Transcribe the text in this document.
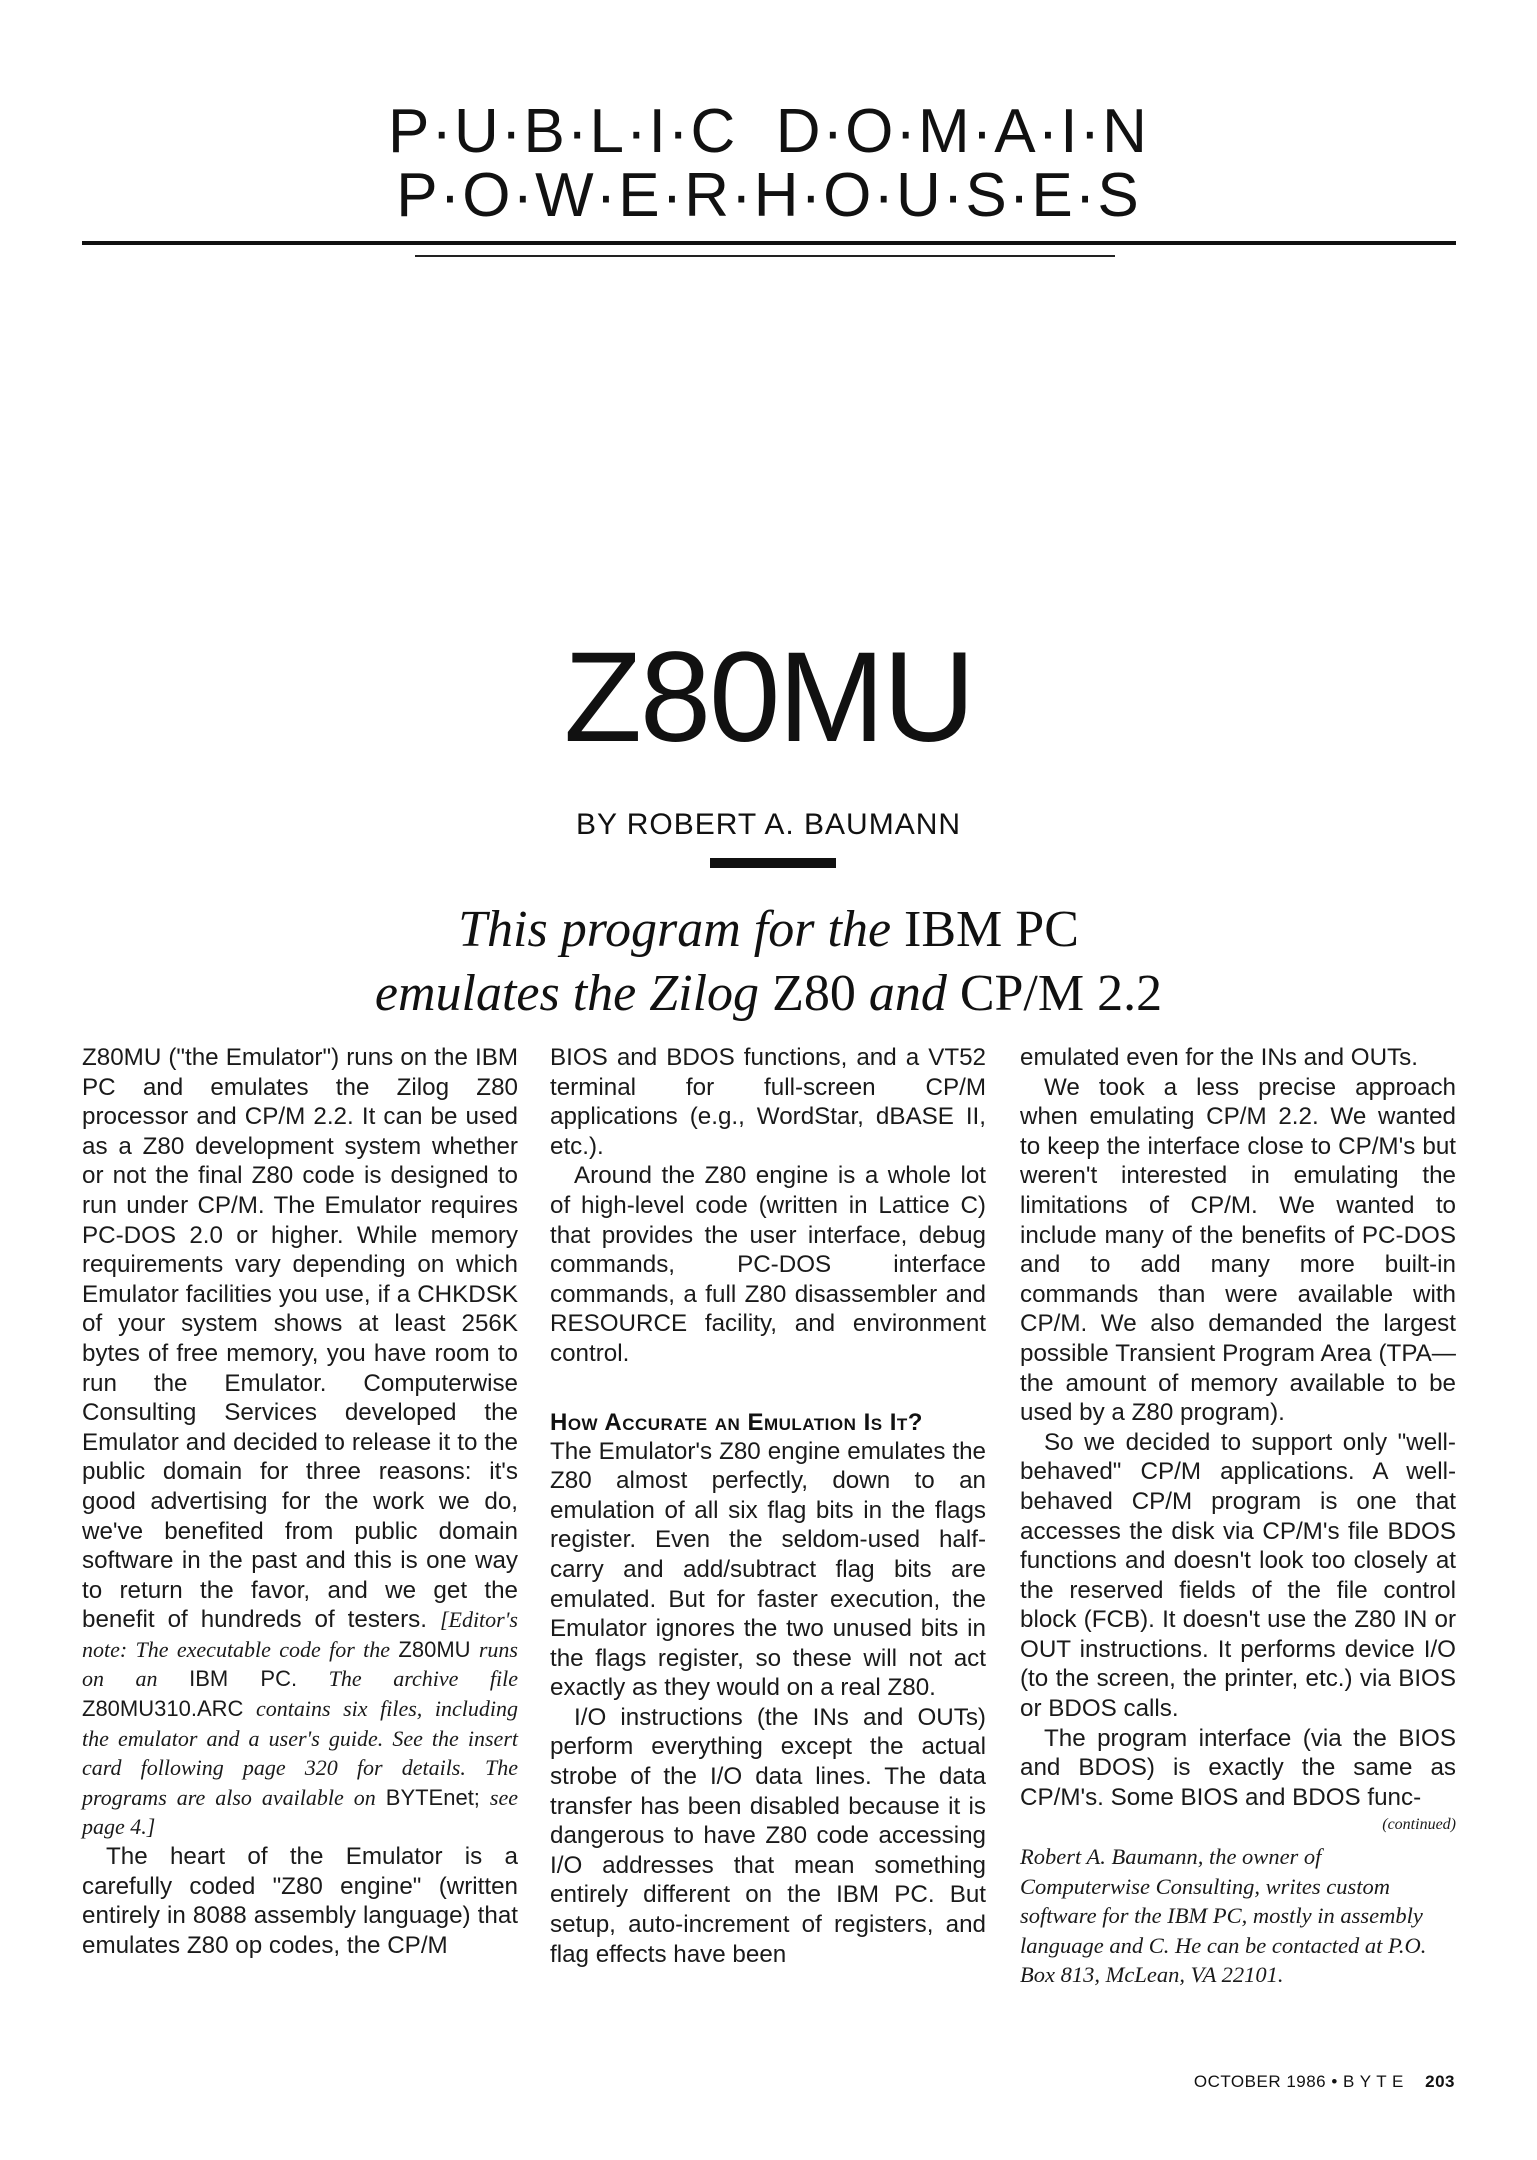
P·U·B·L·I·C  D·O·M·A·I·N
P·O·W·E·R·H·O·U·S·E·S
Z80MU
BY ROBERT A. BAUMANN
This program for the IBM PC
emulates the Zilog Z80 and CP/M 2.2

Z80MU ("the Emulator") runs on the IBM PC and emulates the Zilog Z80 processor and CP/M 2.2. It can be used as a Z80 development system whether or not the final Z80 code is designed to run under CP/M. The Emulator requires PC-DOS 2.0 or higher. While memory requirements vary depending on which Emulator facilities you use, if a CHKDSK of your system shows at least 256K bytes of free memory, you have room to run the Emulator. Computerwise Consulting Services developed the Emulator and decided to release it to the public domain for three reasons: it's good advertising for the work we do, we've benefited from public domain software in the past and this is one way to return the favor, and we get the benefit of hundreds of testers. [Editor's note: The executable code for the Z80MU runs on an IBM PC. The archive file Z80MU310.ARC contains six files, including the emulator and a user's guide. See the insert card following page 320 for details. The programs are also available on BYTEnet; see page 4.]

The heart of the Emulator is a carefully coded "Z80 engine" (written entirely in 8088 assembly language) that emulates Z80 op codes, the CP/M

BIOS and BDOS functions, and a VT52 terminal for full-screen CP/M applications (e.g., WordStar, dBASE II, etc.).

Around the Z80 engine is a whole lot of high-level code (written in Lattice C) that provides the user interface, debug commands, PC-DOS interface commands, a full Z80 disassembler and RESOURCE facility, and environment control.

How Accurate an Emulation Is It?

The Emulator's Z80 engine emulates the Z80 almost perfectly, down to an emulation of all six flag bits in the flags register. Even the seldom-used half-carry and add/subtract flag bits are emulated. But for faster execution, the Emulator ignores the two unused bits in the flags register, so these will not act exactly as they would on a real Z80.

I/O instructions (the INs and OUTs) perform everything except the actual strobe of the I/O data lines. The data transfer has been disabled because it is dangerous to have Z80 code accessing I/O addresses that mean something entirely different on the IBM PC. But setup, auto-increment of registers, and flag effects have been

emulated even for the INs and OUTs.

We took a less precise approach when emulating CP/M 2.2. We wanted to keep the interface close to CP/M's but weren't interested in emulating the limitations of CP/M. We wanted to include many of the benefits of PC-DOS and to add many more built-in commands than were available with CP/M. We also demanded the largest possible Transient Program Area (TPA—the amount of memory available to be used by a Z80 program).

So we decided to support only "well-behaved" CP/M applications. A well-behaved CP/M program is one that accesses the disk via CP/M's file BDOS functions and doesn't look too closely at the reserved fields of the file control block (FCB). It doesn't use the Z80 IN or OUT instructions. It performs device I/O (to the screen, the printer, etc.) via BIOS or BDOS calls.

The program interface (via the BIOS and BDOS) is exactly the same as CP/M's. Some BIOS and BDOS func-

(continued)

Robert A. Baumann, the owner of Computerwise Consulting, writes custom software for the IBM PC, mostly in assembly language and C. He can be contacted at P.O. Box 813, McLean, VA 22101.

OCTOBER 1986 • B Y T E 203
